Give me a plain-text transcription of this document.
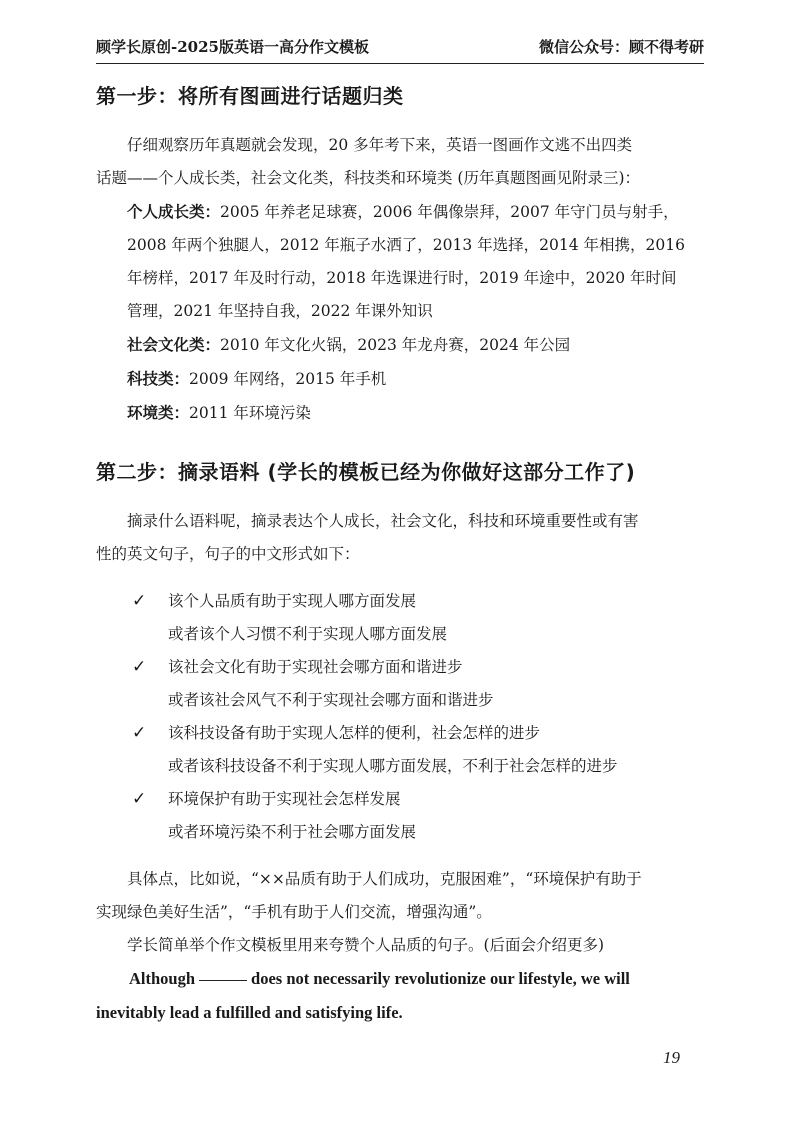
顾学长原创-2025版英语一高分作文模板	微信公众号：顾不得考研
第一步：将所有图画进行话题归类
仔细观察历年真题就会发现，20 多年考下来，英语一图画作文逃不出四类
话题——个人成长类，社会文化类，科技类和环境类 (历年真题图画见附录三)：
个人成长类：2005 年养老足球赛，2006 年偶像崇拜，2007 年守门员与射手，
2008 年两个独腿人，2012 年瓶子水洒了，2013 年选择，2014 年相携，2016
年榜样，2017 年及时行动，2018 年选课进行时，2019 年途中，2020 年时间
管理，2021 年坚持自我，2022 年课外知识
社会文化类：2010 年文化火锅，2023 年龙舟赛，2024 年公园
科技类：2009 年网络，2015 年手机
环境类：2011 年环境污染
第二步：摘录语料 (学长的模板已经为你做好这部分工作了)
摘录什么语料呢，摘录表达个人成长，社会文化，科技和环境重要性或有害
性的英文句子，句子的中文形式如下：
✓	该个人品质有助于实现人哪方面发展
或者该个人习惯不利于实现人哪方面发展
✓	该社会文化有助于实现社会哪方面和谐进步
或者该社会风气不利于实现社会哪方面和谐进步
✓	该科技设备有助于实现人怎样的便利，社会怎样的进步
或者该科技设备不利于实现人哪方面发展，不利于社会怎样的进步
✓	环境保护有助于实现社会怎样发展
或者环境污染不利于社会哪方面发展
具体点，比如说，“××品质有助于人们成功，克服困难”，“环境保护有助于
实现绿色美好生活”，“手机有助于人们交流，增强沟通”。
学长简单举个作文模板里用来夸赞个人品质的句子。(后面会介绍更多)
Although	does not necessarily revolutionize our lifestyle, we will
inevitably lead a fulfilled and satisfying life.
19
